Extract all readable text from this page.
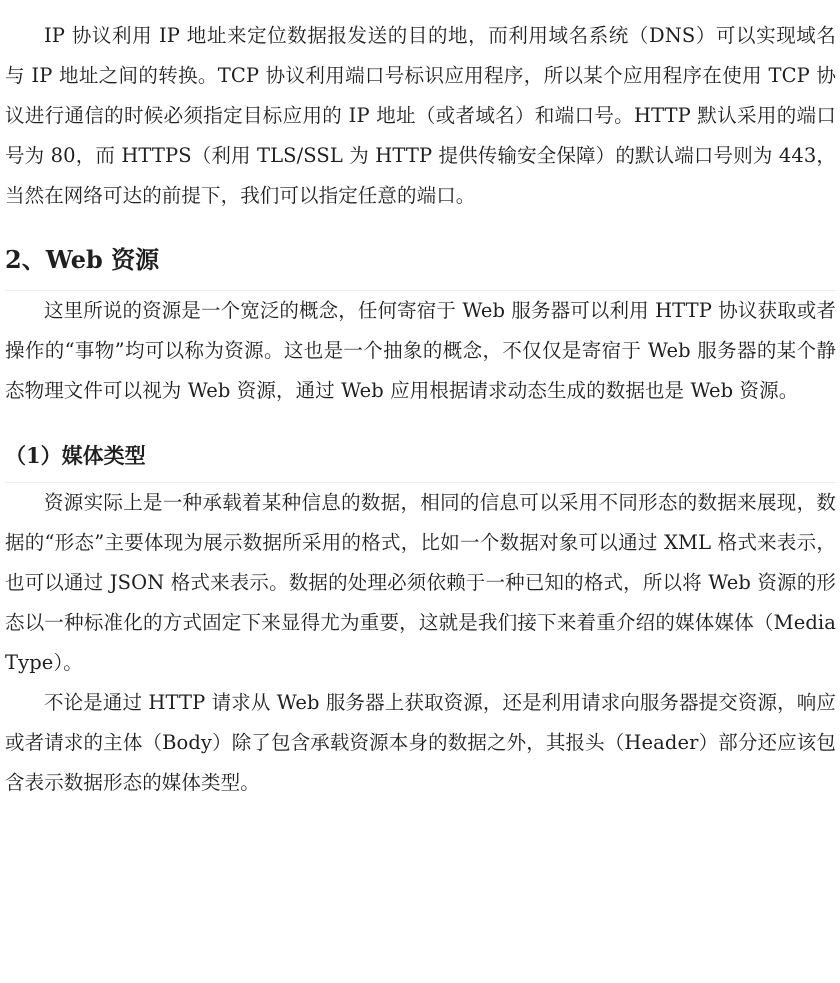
IP 协议利用 IP 地址来定位数据报发送的目的地，而利用域名系统（DNS）可以实现域名与 IP 地址之间的转换。TCP 协议利用端口号标识应用程序，所以某个应用程序在使用 TCP 协议进行通信的时候必须指定目标应用的 IP 地址（或者域名）和端口号。HTTP 默认采用的端口号为 80，而 HTTPS（利用 TLS/SSL 为 HTTP 提供传输安全保障）的默认端口号则为 443，当然在网络可达的前提下，我们可以指定任意的端口。

2、Web 资源

这里所说的资源是一个宽泛的概念，任何寄宿于 Web 服务器可以利用 HTTP 协议获取或者操作的“事物”均可以称为资源。这也是一个抽象的概念，不仅仅是寄宿于 Web 服务器的某个静态物理文件可以视为 Web 资源，通过 Web 应用根据请求动态生成的数据也是 Web 资源。

（1）媒体类型

资源实际上是一种承载着某种信息的数据，相同的信息可以采用不同形态的数据来展现，数据的“形态”主要体现为展示数据所采用的格式，比如一个数据对象可以通过 XML 格式来表示，也可以通过 JSON 格式来表示。数据的处理必须依赖于一种已知的格式，所以将 Web 资源的形态以一种标准化的方式固定下来显得尤为重要，这就是我们接下来着重介绍的媒体媒体（Media Type）。

不论是通过 HTTP 请求从 Web 服务器上获取资源，还是利用请求向服务器提交资源，响应或者请求的主体（Body）除了包含承载资源本身的数据之外，其报头（Header）部分还应该包含表示数据形态的媒体类型。
